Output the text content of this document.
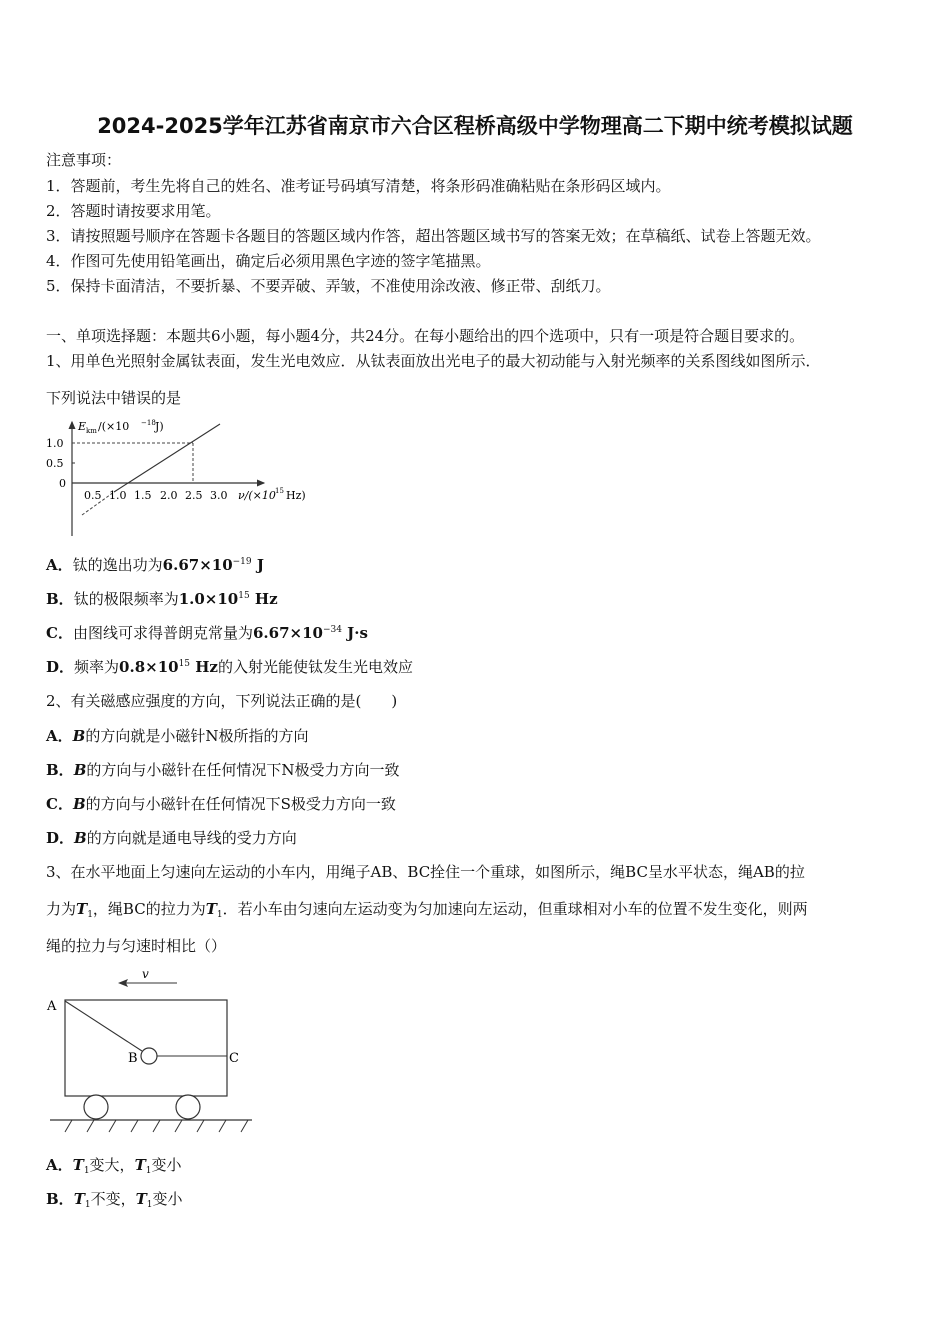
2024-2025学年江苏省南京市六合区程桥高级中学物理高二下期中统考模拟试题
注意事项：
1．答题前，考生先将自己的姓名、准考证号码填写清楚，将条形码准确粘贴在条形码区域内。
2．答题时请按要求用笔。
3．请按照题号顺序在答题卡各题目的答题区域内作答，超出答题区域书写的答案无效；在草稿纸、试卷上答题无效。
4．作图可先使用铅笔画出，确定后必须用黑色字迹的签字笔描黑。
5．保持卡面清洁，不要折暴、不要弄破、弄皱，不准使用涂改液、修正带、刮纸刀。
一、单项选择题：本题共6小题，每小题4分，共24分。在每小题给出的四个选项中，只有一项是符合题目要求的。
1、用单色光照射金属钛表面，发生光电效应．从钛表面放出光电子的最大初动能与入射光频率的关系图线如图所示．
下列说法中错误的是
E km /(×10 −18 J)
1.0
0.5
0
0.5 1.0 1.5 2.0 2.5 3.0 ν/(×10 15 Hz)
A．钛的逸出功为$6.67\times 10^{-19}$ J
B．钛的极限频率为$1.0\times 10^{15}$ Hz
C．由图线可求得普朗克常量为$6.67\times 10^{-34}$ J·s
D．频率为$0.8\times 10^{15}$ Hz的入射光能使钛发生光电效应
2、有关磁感应强度的方向，下列说法正确的是(　　)
A．B的方向就是小磁针N极所指的方向
B．B的方向与小磁针在任何情况下N极受力方向一致
C．B的方向与小磁针在任何情况下S极受力方向一致
D．B的方向就是通电导线的受力方向
3、在水平地面上匀速向左运动的小车内，用绳子AB、BC拴住一个重球，如图所示，绳BC呈水平状态，绳AB的拉
力为$T_1$，绳BC的拉力为$T_1$．若小车由匀速向左运动变为匀加速向左运动，但重球相对小车的位置不发生变化，则两
绳的拉力与匀速时相比（）
v
A
B	C
A．$T_1$变大，$T_1$变小
B．$T_1$不变，$T_1$变小
